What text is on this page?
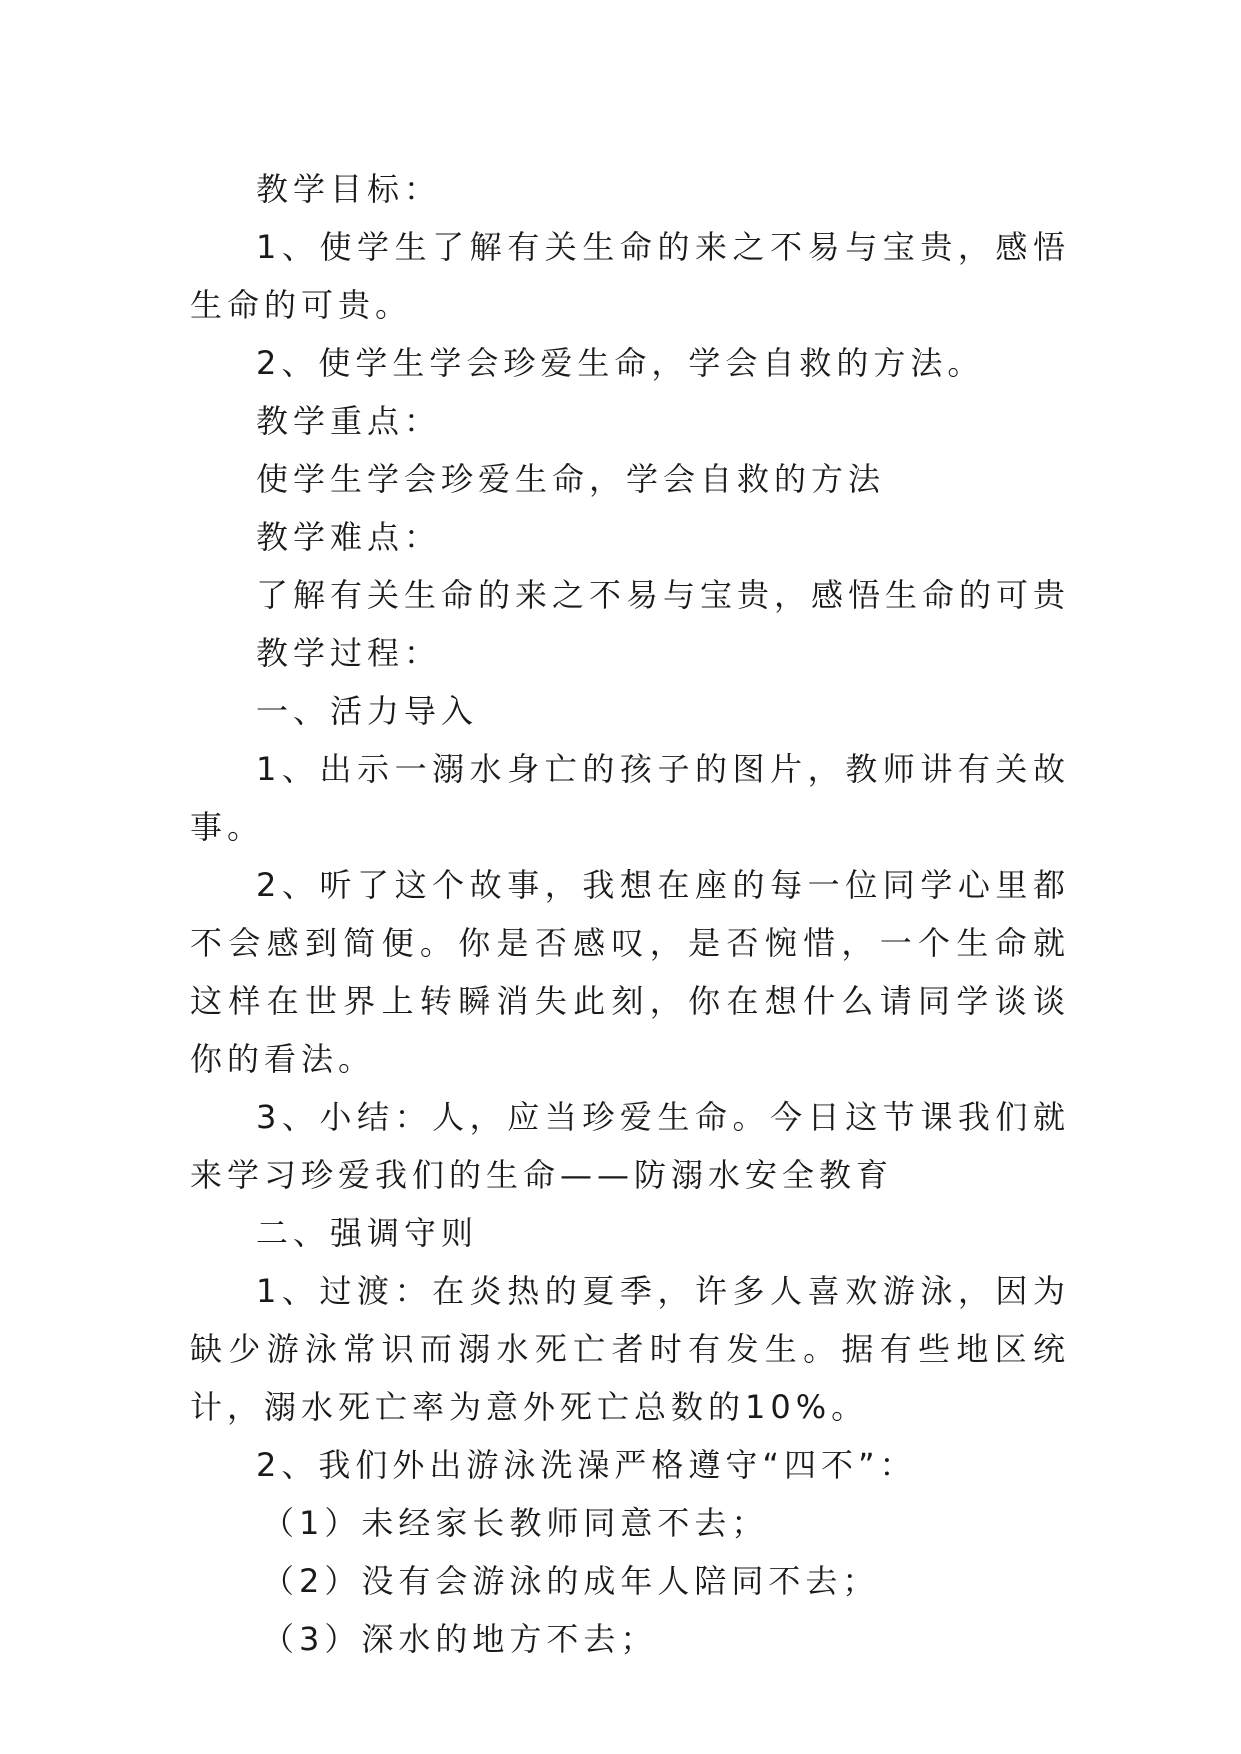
教学目标：

1、使学生了解有关生命的来之不易与宝贵，感悟生命的可贵。

2、使学生学会珍爱生命，学会自救的方法。

教学重点：

使学生学会珍爱生命，学会自救的方法

教学难点：

了解有关生命的来之不易与宝贵，感悟生命的可贵

教学过程：

一、活力导入

1、出示一溺水身亡的孩子的图片，教师讲有关故事。

2、听了这个故事，我想在座的每一位同学心里都不会感到简便。你是否感叹，是否惋惜，一个生命就这样在世界上转瞬消失此刻，你在想什么请同学谈谈你的看法。

3、小结：人，应当珍爱生命。今日这节课我们就来学习珍爱我们的生命——防溺水安全教育

二、强调守则

1、过渡：在炎热的夏季，许多人喜欢游泳，因为缺少游泳常识而溺水死亡者时有发生。据有些地区统计，溺水死亡率为意外死亡总数的10%。

2、我们外出游泳洗澡严格遵守“四不”：

（1）未经家长教师同意不去；

（2）没有会游泳的成年人陪同不去；

（3）深水的地方不去；
